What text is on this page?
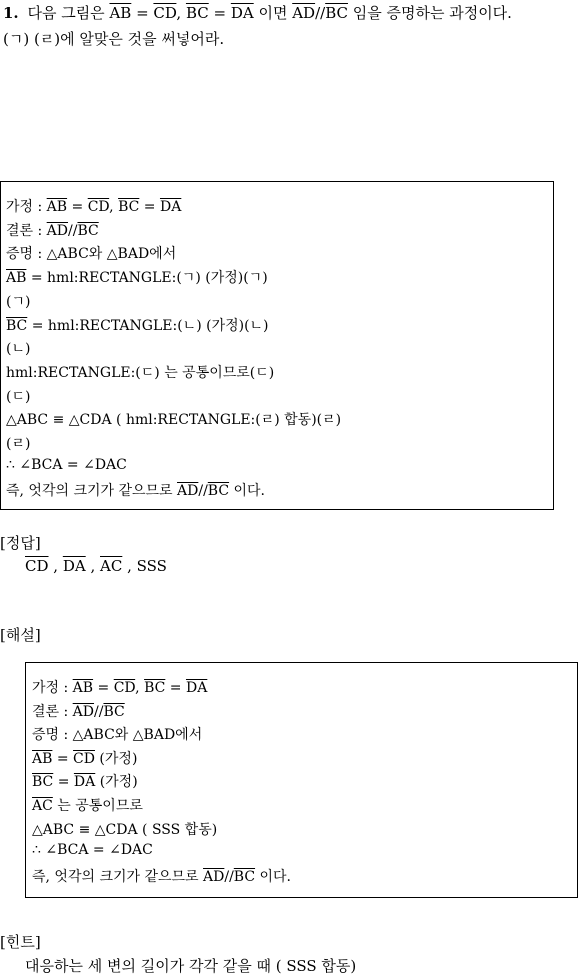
1. 다음 그림은 $\overline{AB} = \overline{CD}$, $\overline{BC} = \overline{DA}$ 이면 $\overline{AD}//\overline{BC}$ 임을 증명하는 과정이다.
(ㄱ) (ㄹ)에 알맞은 것을 써넣어라.
가정 : $\overline{AB} = \overline{CD}$, $\overline{BC} = \overline{DA}$
결론 : $\overline{AD}//\overline{BC}$
증명 : △ABC와 △BAD에서
$\overline{AB}$ = hml:RECTANGLE:(ㄱ) (가정)(ㄱ)
(ㄱ)
$\overline{BC}$ = hml:RECTANGLE:(ㄴ) (가정)(ㄴ)
(ㄴ)
hml:RECTANGLE:(ㄷ) 는 공통이므로(ㄷ)
(ㄷ)
△ABC ≡ △CDA ( hml:RECTANGLE:(ㄹ) 합동)(ㄹ)
(ㄹ)
∴ ∠BCA = ∠DAC
즉, 엇각의 크기가 같으므로 $\overline{AD}//\overline{BC}$ 이다.
[정답]
$\overline{CD}$ , $\overline{DA}$ , $\overline{AC}$ , SSS
[해설]
가정 : $\overline{AB} = \overline{CD}$, $\overline{BC} = \overline{DA}$
결론 : $\overline{AD}//\overline{BC}$
증명 : △ABC와 △BAD에서
$\overline{AB} = \overline{CD}$ (가정)
$\overline{BC} = \overline{DA}$ (가정)
$\overline{AC}$ 는 공통이므로
△ABC ≡ △CDA ( SSS 합동)
∴ ∠BCA = ∠DAC
즉, 엇각의 크기가 같으므로 $\overline{AD}//\overline{BC}$ 이다.
[힌트]
대응하는 세 변의 길이가 각각 같을 때 ( SSS 합동)
